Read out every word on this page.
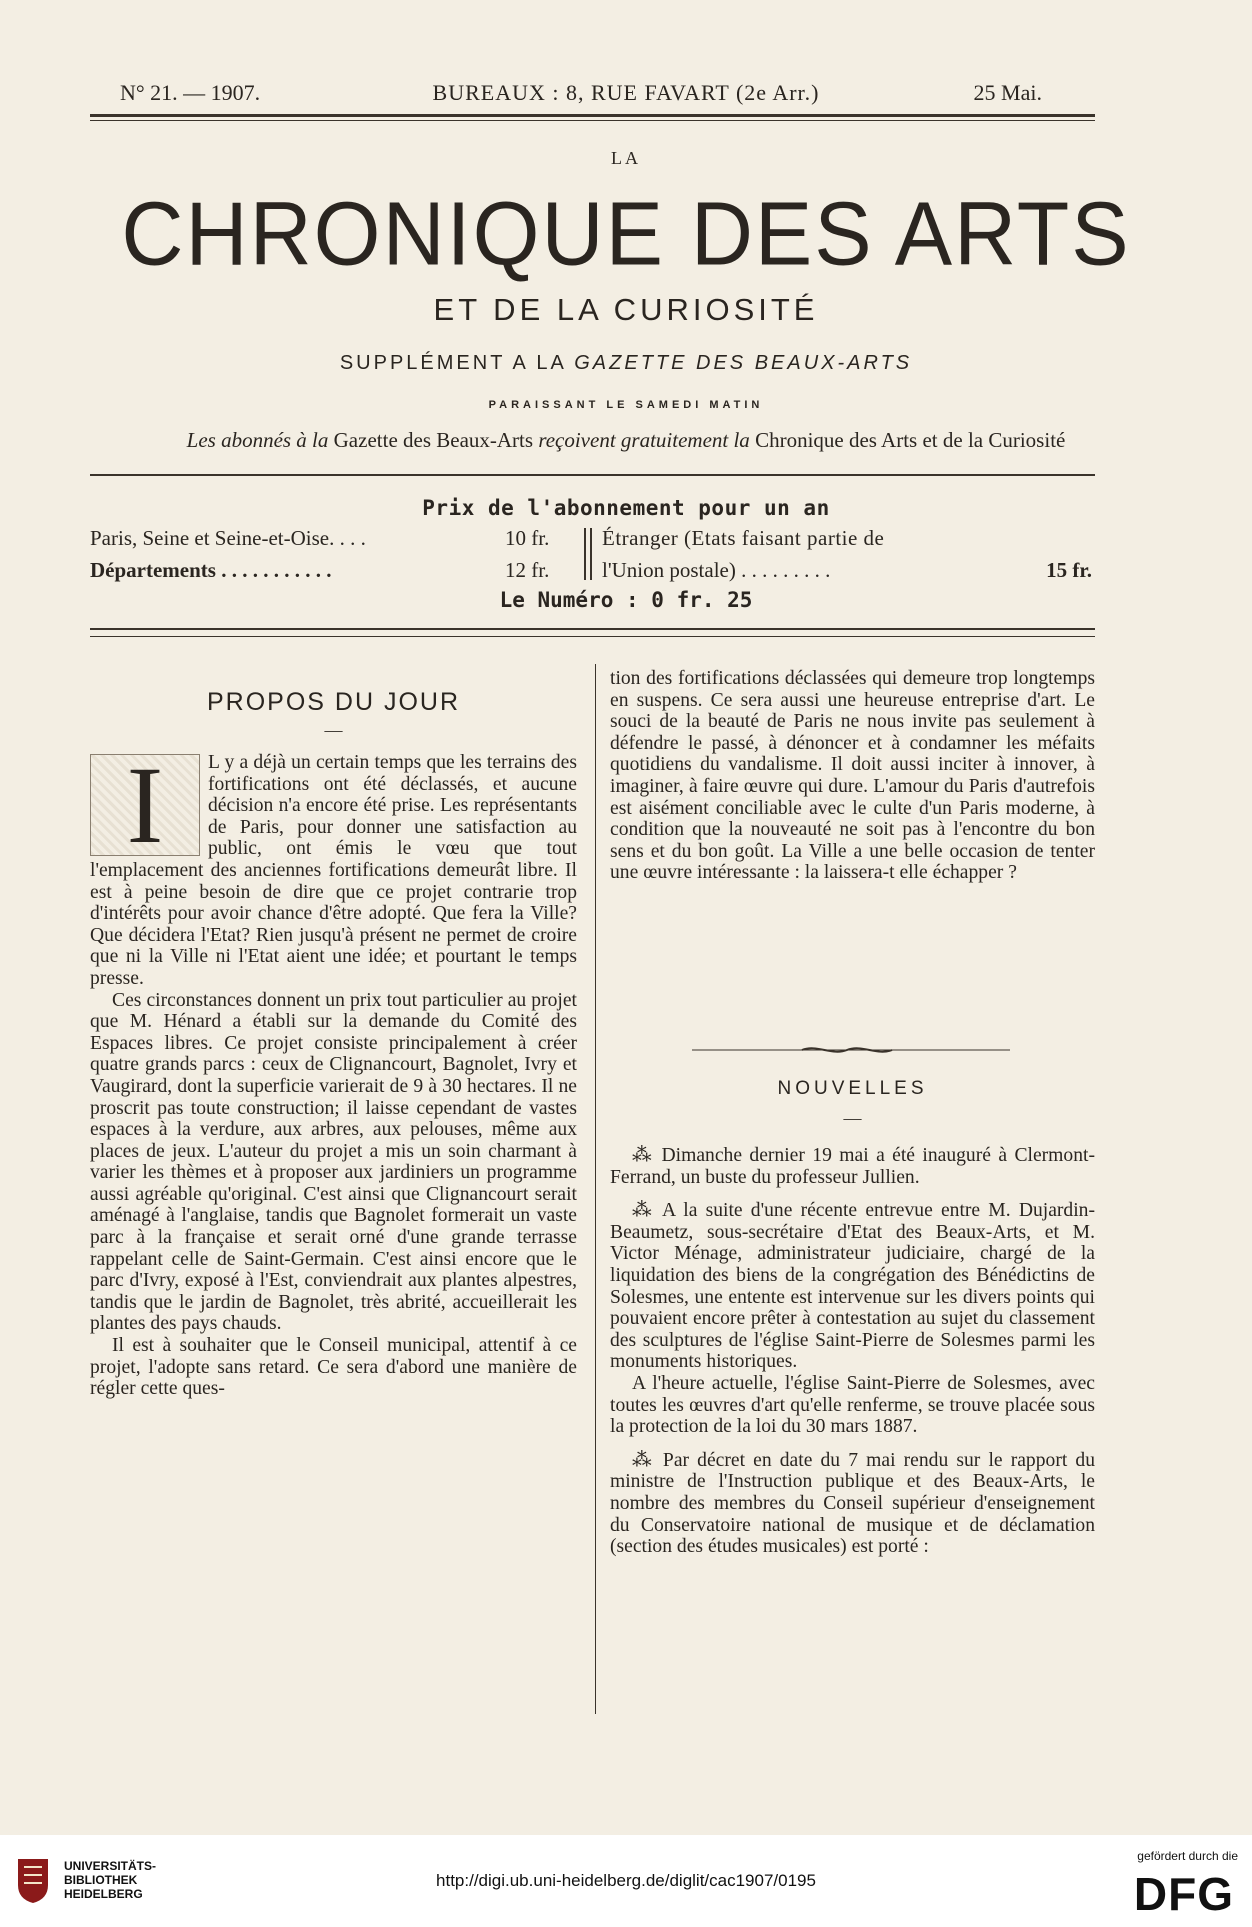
N° 21. — 1907.	BUREAUX : 8, RUE FAVART (2e Arr.)	25 Mai.
LA
CHRONIQUE DES ARTS
ET DE LA CURIOSITÉ
SUPPLÉMENT A LA GAZETTE DES BEAUX-ARTS
PARAISSANT LE SAMEDI MATIN
Les abonnés à la Gazette des Beaux-Arts reçoivent gratuitement la Chronique des Arts et de la Curiosité
Prix de l'abonnement pour un an
Paris, Seine et Seine-et-Oise. . . .	10 fr.
Départements . . . . . . . . . . .	12 fr.
Étranger (Etats faisant partie de
l'Union postale) . . . . . . . . .	15 fr.
Le Numéro : 0 fr. 25
PROPOS DU JOUR
—
I	L y a déjà un certain temps que les terrains des fortifications ont été déclassés, et aucune décision n'a encore été prise. Les représentants de Paris, pour donner une satisfaction au public, ont émis le vœu que tout l'emplacement des anciennes fortifications demeurât libre. Il est à peine besoin de dire que ce projet contrarie trop d'intérêts pour avoir chance d'être adopté. Que fera la Ville? Que décidera l'Etat? Rien jusqu'à présent ne permet de croire que ni la Ville ni l'Etat aient une idée; et pourtant le temps presse.

Ces circonstances donnent un prix tout particulier au projet que M. Hénard a établi sur la demande du Comité des Espaces libres. Ce projet consiste principalement à créer quatre grands parcs : ceux de Clignancourt, Bagnolet, Ivry et Vaugirard, dont la superficie varierait de 9 à 30 hectares. Il ne proscrit pas toute construction; il laisse cependant de vastes espaces à la verdure, aux arbres, aux pelouses, même aux places de jeux. L'auteur du projet a mis un soin charmant à varier les thèmes et à proposer aux jardiniers un programme aussi agréable qu'original. C'est ainsi que Clignancourt serait aménagé à l'anglaise, tandis que Bagnolet formerait un vaste parc à la française et serait orné d'une grande terrasse rappelant celle de Saint-Germain. C'est ainsi encore que le parc d'Ivry, exposé à l'Est, conviendrait aux plantes alpestres, tandis que le jardin de Bagnolet, très abrité, accueillerait les plantes des pays chauds.

Il est à souhaiter que le Conseil municipal, attentif à ce projet, l'adopte sans retard. Ce sera d'abord une manière de régler cette ques-

tion des fortifications déclassées qui demeure trop longtemps en suspens. Ce sera aussi une heureuse entreprise d'art. Le souci de la beauté de Paris ne nous invite pas seulement à défendre le passé, à dénoncer et à condamner les méfaits quotidiens du vandalisme. Il doit aussi inciter à innover, à imaginer, à faire œuvre qui dure. L'amour du Paris d'autrefois est aisément conciliable avec le culte d'un Paris moderne, à condition que la nouveauté ne soit pas à l'encontre du bon sens et du bon goût. La Ville a une belle occasion de tenter une œuvre intéressante : la laissera-t elle échapper ?

NOUVELLES
—

⁂ Dimanche dernier 19 mai a été inauguré à Clermont-Ferrand, un buste du professeur Jullien.

⁂ A la suite d'une récente entrevue entre M. Dujardin-Beaumetz, sous-secrétaire d'Etat des Beaux-Arts, et M. Victor Ménage, administrateur judiciaire, chargé de la liquidation des biens de la congrégation des Bénédictins de Solesmes, une entente est intervenue sur les divers points qui pouvaient encore prêter à contestation au sujet du classement des sculptures de l'église Saint-Pierre de Solesmes parmi les monuments historiques.

A l'heure actuelle, l'église Saint-Pierre de Solesmes, avec toutes les œuvres d'art qu'elle renferme, se trouve placée sous la protection de la loi du 30 mars 1887.

⁂ Par décret en date du 7 mai rendu sur le rapport du ministre de l'Instruction publique et des Beaux-Arts, le nombre des membres du Conseil supérieur d'enseignement du Conservatoire national de musique et de déclamation (section des études musicales) est porté :

UNIVERSITÄTS-
BIBLIOTHEK
HEIDELBERG
http://digi.ub.uni-heidelberg.de/diglit/cac1907/0195
gefördert durch die
DFG
